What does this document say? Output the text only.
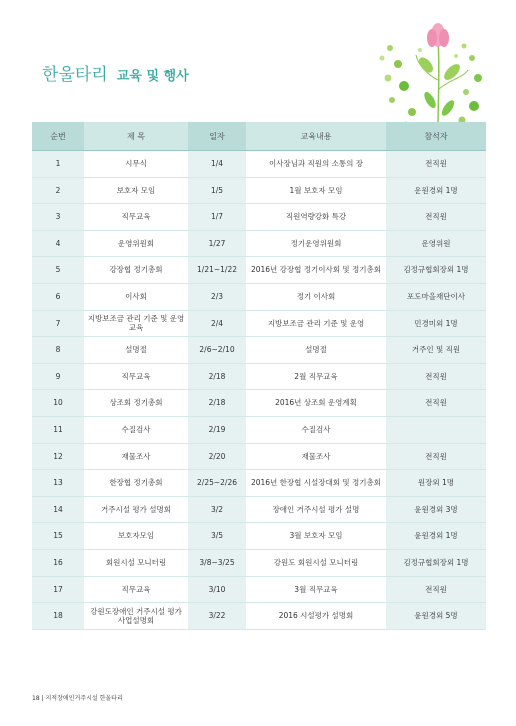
한울타리 교육 및 행사
순번	제 목	일자	교육내용	참석자
1	시무식	1/4	이사장님과 직원의 소통의 장	전직원
2	보호자 모임	1/5	1월 보호자 모임	운원경외 1명
3	직무교육	1/7	직원역량강화 특강	전직원
4	운영위원회	1/27	정기운영위원회	운영위원
5	강장협 정기총회	1/21~1/22	2016년 강장협 정기이사회 및 정기총회	김정규협회장외 1명
6	이사회	2/3	정기 이사회	포도마을재단이사
7	지방보조금 관리 기준 및 운영교육	2/4	지방보조금 관리 기준 및 운영	민경미외 1명
8	설명절	2/6~2/10	설명절	거주인 및 직원
9	직무교육	2/18	2월 직무교육	전직원
10	상조회 정기총회	2/18	2016년 상조회 운영계획	전직원
11	수질검사	2/19	수질검사	
12	재물조사	2/20	재물조사	전직원
13	한장협 정기총회	2/25~2/26	2016년 한장협 시설장대회 및 정기총회	원장외 1명
14	거주시설 평가 설명회	3/2	장애인 거주시설 평가 설명	윤원경외 3명
15	보호자모임	3/5	3월 보호자 모임	윤원경외 1명
16	회원시설 모니터링	3/8~3/25	강원도 회원시설 모니터링	김정규협회장외 1명
17	직무교육	3/10	3월 직무교육	전직원
18	강원도장애인 거주시설 평가 사업설명회	3/22	2016 시설평가 설명회	윤원경외 5명
18 | 지적장애인거주시설 한울타리
